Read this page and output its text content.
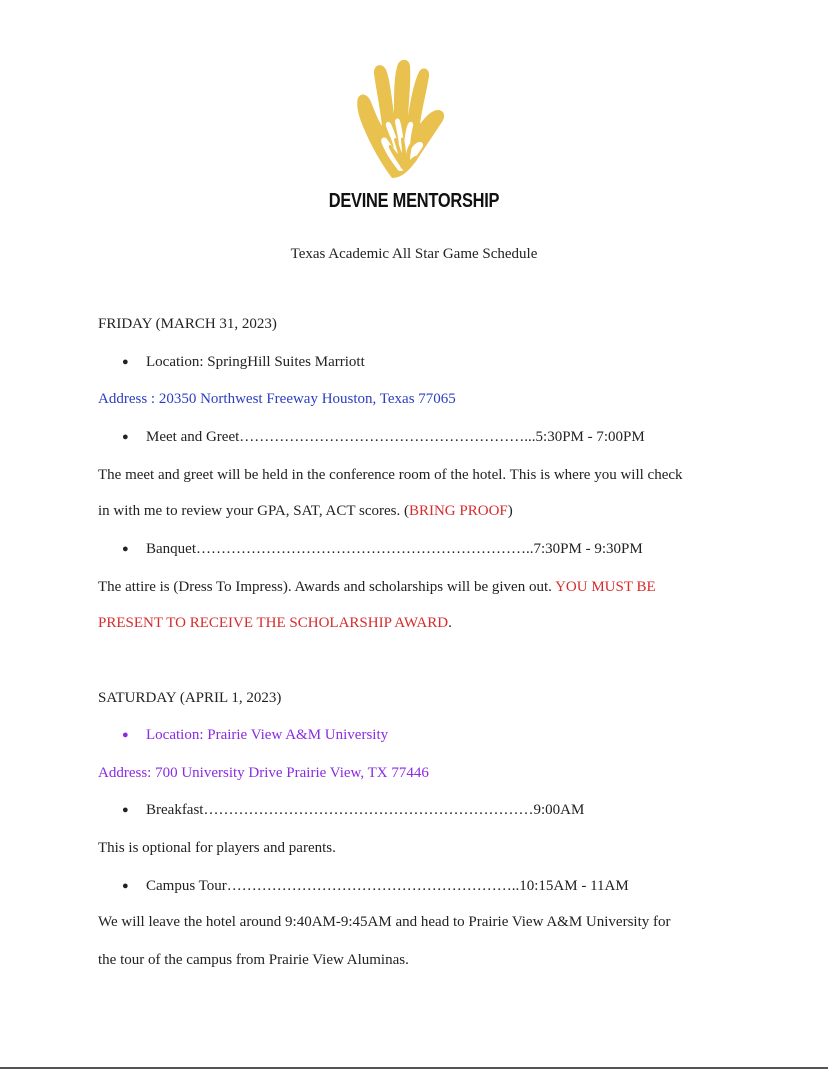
DEVINE MENTORSHIP
Texas Academic All Star Game Schedule
FRIDAY (MARCH 31, 2023)
● Location: SpringHill Suites Marriott
Address : 20350 Northwest Freeway Houston, Texas 77065
● Meet and Greet…………………………………………………...5:30PM - 7:00PM
The meet and greet will be held in the conference room of the hotel. This is where you will check
in with me to review your GPA, SAT, ACT scores. (BRING PROOF)
● Banquet…………………………………………………………..7:30PM - 9:30PM
The attire is (Dress To Impress). Awards and scholarships will be given out. YOU MUST BE
PRESENT TO RECEIVE THE SCHOLARSHIP AWARD.
SATURDAY (APRIL 1, 2023)
● Location: Prairie View A&M University
Address: 700 University Drive Prairie View, TX 77446
● Breakfast…………………………………………………………9:00AM
This is optional for players and parents.
● Campus Tour…………………………………………………..10:15AM - 11AM
We will leave the hotel around 9:40AM-9:45AM and head to Prairie View A&M University for
the tour of the campus from Prairie View Aluminas.
